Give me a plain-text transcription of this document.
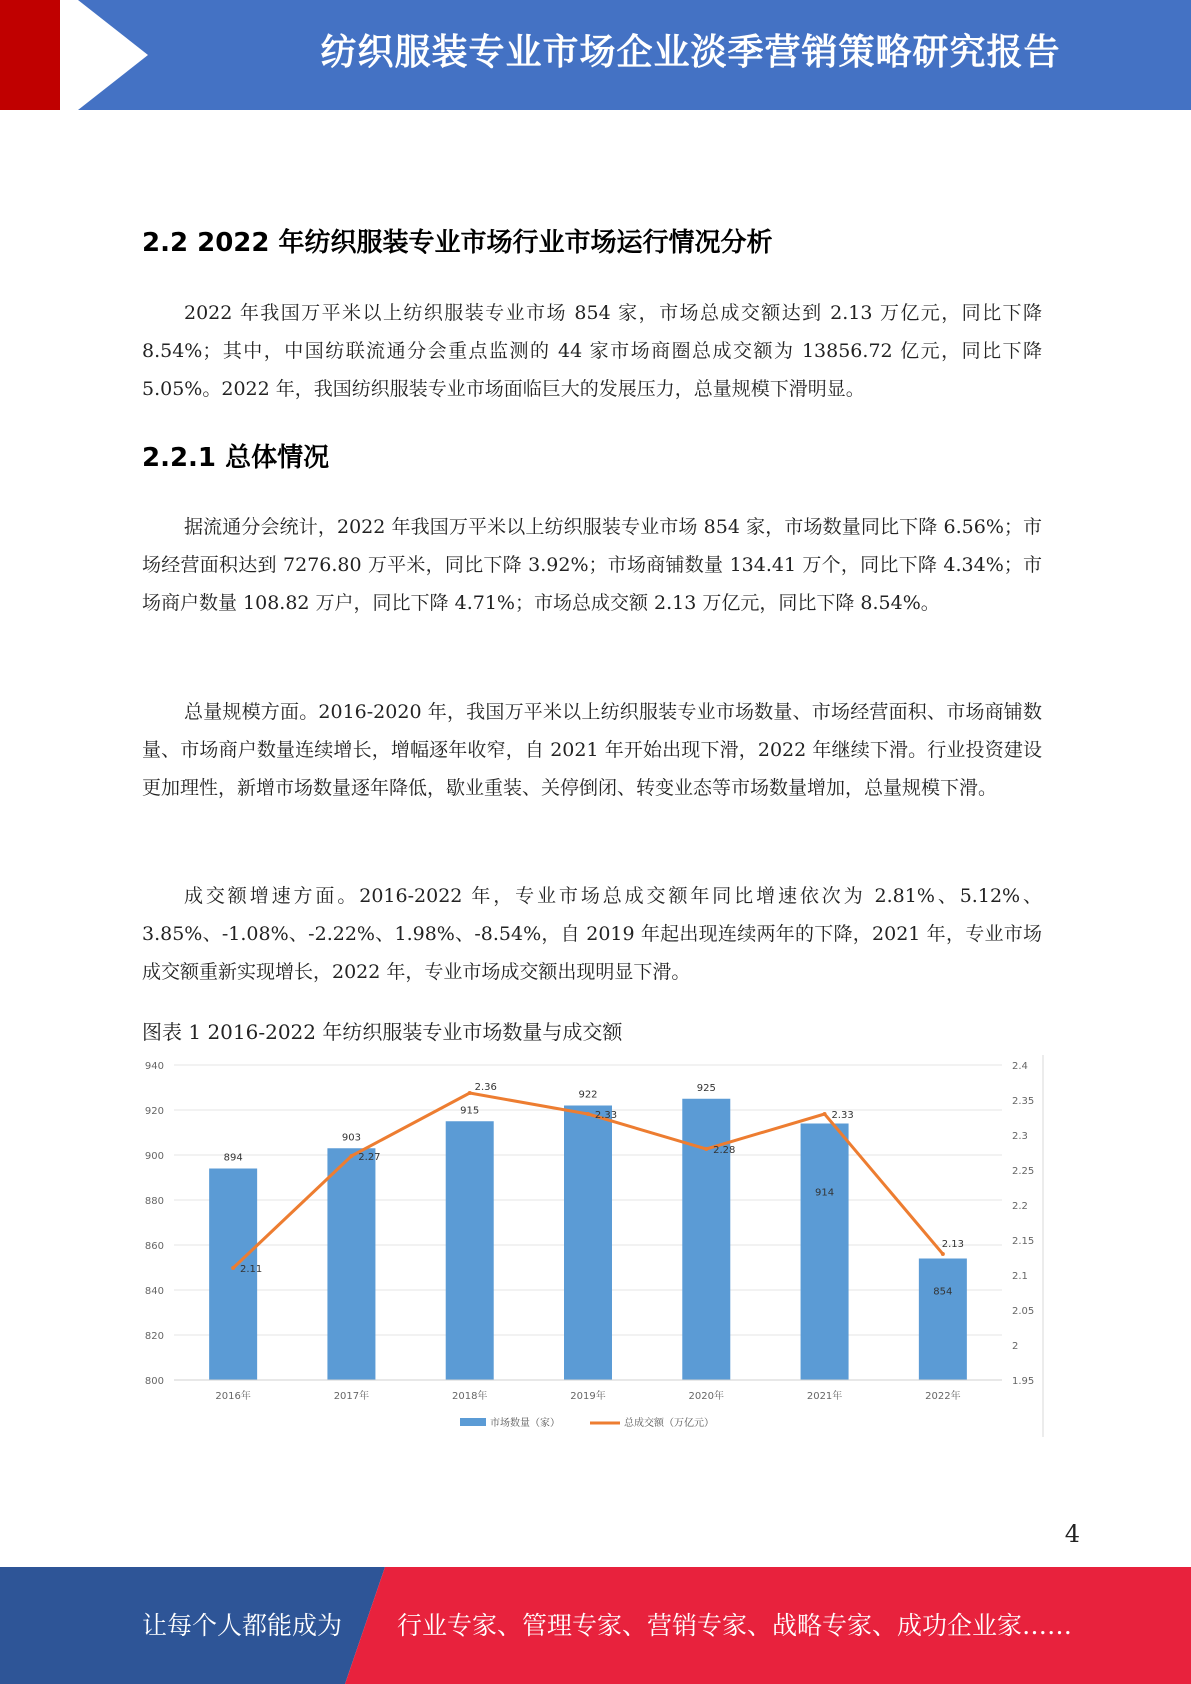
纺织服装专业市场企业淡季营销策略研究报告
2.2 2022 年纺织服装专业市场行业市场运行情况分析

2022 年我国万平米以上纺织服装专业市场 854 家，市场总成交额达到 2.13 万亿元，同比下降 8.54%；其中，中国纺联流通分会重点监测的 44 家市场商圈总成交额为 13856.72 亿元，同比下降 5.05%。2022 年，我国纺织服装专业市场面临巨大的发展压力，总量规模下滑明显。

2.2.1 总体情况

据流通分会统计，2022 年我国万平米以上纺织服装专业市场 854 家，市场数量同比下降 6.56%；市场经营面积达到 7276.80 万平米，同比下降 3.92%；市场商铺数量 134.41 万个，同比下降 4.34%；市场商户数量 108.82 万户，同比下降 4.71%；市场总成交额 2.13 万亿元，同比下降 8.54%。

总量规模方面。2016-2020 年，我国万平米以上纺织服装专业市场数量、市场经营面积、市场商铺数量、市场商户数量连续增长，增幅逐年收窄，自 2021 年开始出现下滑，2022 年继续下滑。行业投资建设更加理性，新增市场数量逐年降低，歇业重装、关停倒闭、转变业态等市场数量增加，总量规模下滑。

成交额增速方面。2016-2022 年，专业市场总成交额年同比增速依次为 2.81%、5.12%、3.85%、-1.08%、-2.22%、1.98%、-8.54%，自 2019 年起出现连续两年的下降，2021 年，专业市场成交额重新实现增长，2022 年，专业市场成交额出现明显下滑。

图表 1 2016-2022 年纺织服装专业市场数量与成交额
800
820
840
860
880
900
920
940
1.95
2
2.05
2.1
2.15
2.2
2.25
2.3
2.35
2.4
2016年	2017年	2018年	2019年	2020年	2021年	2022年
894
903
915
922
925
914
854
2.11
2.27
2.36
2.33
2.28
2.33
2.13
市场数量（家）	总成交额（万亿元）
4
让每个人都能成为 行业专家、管理专家、营销专家、战略专家、成功企业家……
